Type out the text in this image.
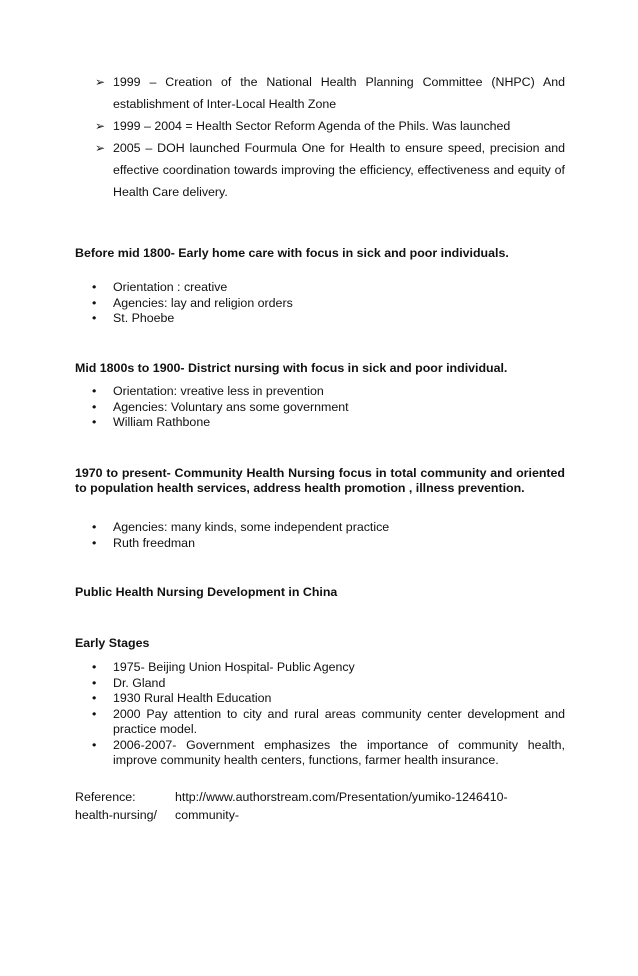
➢ 1999 – Creation of the National Health Planning Committee (NHPC) And establishment of Inter-Local Health Zone
➢ 1999 – 2004 = Health Sector Reform Agenda of the Phils. Was launched
➢ 2005 – DOH launched Fourmula One for Health to ensure speed, precision and effective coordination towards improving the efficiency, effectiveness and equity of Health Care delivery.
Before mid 1800- Early home care with focus in sick and poor individuals.
• Orientation : creative
• Agencies: lay and religion orders
• St. Phoebe
Mid 1800s to 1900- District nursing with focus in sick and poor individual.
• Orientation: vreative less in prevention
• Agencies: Voluntary ans some government
• William Rathbone
1970 to present- Community Health Nursing focus in total community and oriented to population health services, address health promotion , illness prevention.
• Agencies: many kinds, some independent practice
• Ruth freedman
Public Health Nursing Development in China
Early Stages
• 1975- Beijing Union Hospital- Public Agency
• Dr. Gland
• 1930 Rural Health Education
• 2000 Pay attention to city and rural areas community center development and practice model.
• 2006-2007- Government emphasizes the importance of community health, improve community health centers, functions, farmer health insurance.
Reference:	http://www.authorstream.com/Presentation/yumiko-1246410-community-
health-nursing/
